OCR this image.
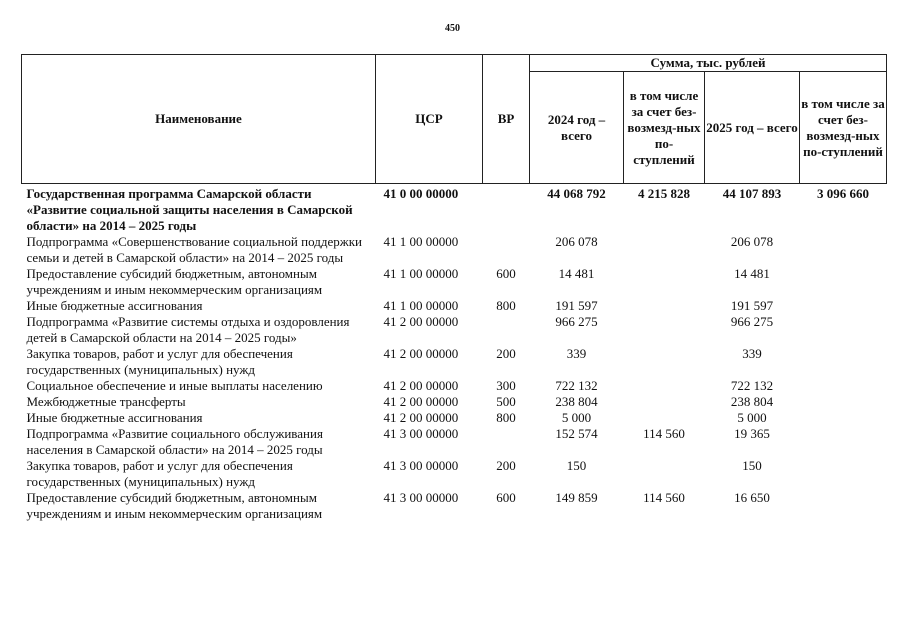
450
Наименование	ЦСР	ВР	Сумма, тыс. рублей			
			2024 год – всего	в том числе за счет без-возмезд-ных по-ступлений	2025 год – всего	в том числе за счет без-возмезд-ных по-ступлений
Государственная программа Самарской области «Развитие социальной защиты населения в Самарской области» на 2014 – 2025 годы	41 0 00 00000		44 068 792	4 215 828	44 107 893	3 096 660
Подпрограмма «Совершенствование социальной поддержки семьи и детей в Самарской области» на 2014 – 2025 годы	41 1 00 00000		206 078		206 078	
Предоставление субсидий бюджетным, автономным учреждениям и иным некоммерческим организациям	41 1 00 00000	600	14 481		14 481	
Иные бюджетные ассигнования	41 1 00 00000	800	191 597		191 597	
Подпрограмма «Развитие системы отдыха и оздоровления детей в Самарской области на 2014 – 2025 годы»	41 2 00 00000		966 275		966 275	
Закупка товаров, работ и услуг для обеспечения государственных (муниципальных) нужд	41 2 00 00000	200	339		339	
Социальное обеспечение и иные выплаты населению	41 2 00 00000	300	722 132		722 132	
Межбюджетные трансферты	41 2 00 00000	500	238 804		238 804	
Иные бюджетные ассигнования	41 2 00 00000	800	5 000		5 000	
Подпрограмма «Развитие социального обслуживания населения в Самарской области» на 2014 – 2025 годы	41 3 00 00000		152 574	114 560	19 365	
Закупка товаров, работ и услуг для обеспечения государственных (муниципальных) нужд	41 3 00 00000	200	150		150	
Предоставление субсидий бюджетным, автономным учреждениям и иным некоммерческим организациям	41 3 00 00000	600	149 859	114 560	16 650	
